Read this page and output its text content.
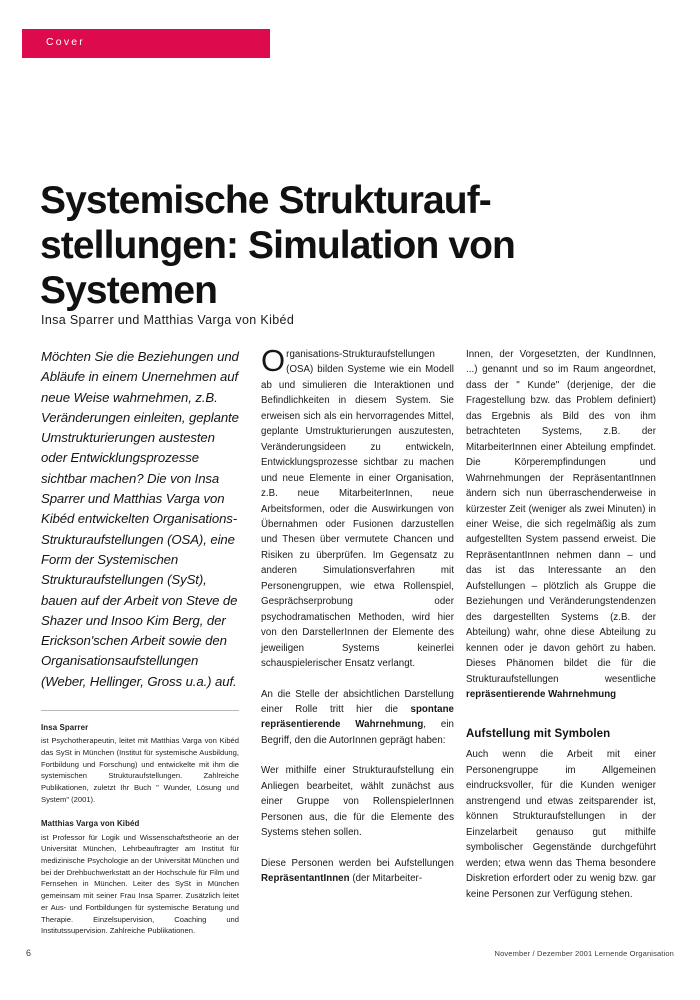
Cover
Systemische Strukturauf-
stellungen: Simulation von
Systemen
Insa Sparrer und Matthias Varga von Kibéd

Möchten Sie die Beziehungen und Abläufe in einem Unernehmen auf neue Weise wahrnehmen, z.B. Veränderungen einleiten, geplante Umstrukturierungen austesten oder Entwicklungsprozesse sichtbar machen? Die von Insa Sparrer und Matthias Varga von Kibéd entwickelten Organisations-Strukturaufstellungen (OSA), eine Form der Systemischen Strukturaufstellungen (SySt), bauen auf der Arbeit von Steve de Shazer und Insoo Kim Berg, der Erickson'schen Arbeit sowie den Organisationsaufstellungen (Weber, Hellinger, Gross u.a.) auf.

Insa Sparrer
ist Psychotherapeutin, leitet mit Matthias Varga von Kibéd das SySt in München (Institut für systemische Ausbildung, Fortbildung und Forschung) und entwickelte mit ihm die systemischen Strukturaufstellungen. Zahlreiche Publikationen, zuletzt Ihr Buch " Wunder, Lösung und System" (2001).

Matthias Varga von Kibéd
ist Professor für Logik und Wissenschaftstheorie an der Universität München, Lehrbeauftragter am Institut für medizinische Psychologie an der Universität München und bei der Drehbuchwerkstatt an der Hochschule für Film und Fernsehen in München. Leiter des SySt in München gemeinsam mit seiner Frau Insa Sparrer. Zusätzlich leitet er Aus- und Fortbildungen für systemische Beratung und Therapie. Einzelsupervision, Coaching und Institutssupervision. Zahlreiche Publikationen.

Organisations-Strukturaufstellungen (OSA) bilden Systeme wie ein Modell ab und simulieren die Interaktionen und Befindlichkeiten in diesem System. Sie erweisen sich als ein hervorragendes Mittel, geplante Umstrukturierungen auszutesten, Veränderungsideen zu entwickeln, Entwicklungsprozesse sichtbar zu machen und neue Elemente in einer Organisation, z.B. neue MitarbeiterInnen, neue Arbeitsformen, oder die Auswirkungen von Übernahmen oder Fusionen darzustellen und Thesen über vermutete Chancen und Risiken zu überprüfen. Im Gegensatz zu anderen Simulationsverfahren mit Personengruppen, wie etwa Rollenspiel, Gesprächserprobung oder psychodramatischen Methoden, wird hier von den DarstellerInnen der Elemente des jeweiligen Systems keinerlei schauspielerischer Ensatz verlangt.

An die Stelle der absichtlichen Darstellung einer Rolle tritt hier die spontane repräsentierende Wahrnehmung, ein Begriff, den die AutorInnen geprägt haben:

Wer mithilfe einer Strukturaufstellung ein Anliegen bearbeitet, wählt zunächst aus einer Gruppe von RollenspielerInnen Personen aus, die für die Elemente des Systems stehen sollen.

Diese Personen werden bei Aufstellungen RepräsentantInnen (der Mitarbeiter-

Innen, der Vorgesetzten, der KundInnen, ...) genannt und so im Raum angeordnet, dass der " Kunde" (derjenige, der die Fragestellung bzw. das Problem definiert) das Ergebnis als Bild des von ihm betrachteten Systems, z.B. der MitarbeiterInnen einer Abteilung empfindet. Die Körperempfindungen und Wahrnehmungen der RepräsentantInnen ändern sich nun überraschenderweise in kürzester Zeit (weniger als zwei Minuten) in einer Weise, die sich regelmäßig als zum aufgestellten System passend erweist. Die RepräsentantInnen nehmen dann – und das ist das Interessante an den Aufstellungen – plötzlich als Gruppe die Beziehungen und Veränderungstendenzen des dargestellten Systems (z.B. der Abteilung) wahr, ohne diese Abteilung zu kennen oder je davon gehört zu haben. Dieses Phänomen bildet die für die Strukturaufstellungen wesentliche repräsentierende Wahrnehmung

Aufstellung mit Symbolen

Auch wenn die Arbeit mit einer Personengruppe im Allgemeinen eindrucksvoller, für die Kunden weniger anstrengend und etwas zeitsparender ist, können Strukturaufstellungen in der Einzelarbeit genauso gut mithilfe symbolischer Gegenstände durchgeführt werden; etwa wenn das Thema besondere Diskretion erfordert oder zu wenig bzw. gar keine Personen zur Verfügung stehen.

6	November / Dezember 2001 Lernende Organisation
